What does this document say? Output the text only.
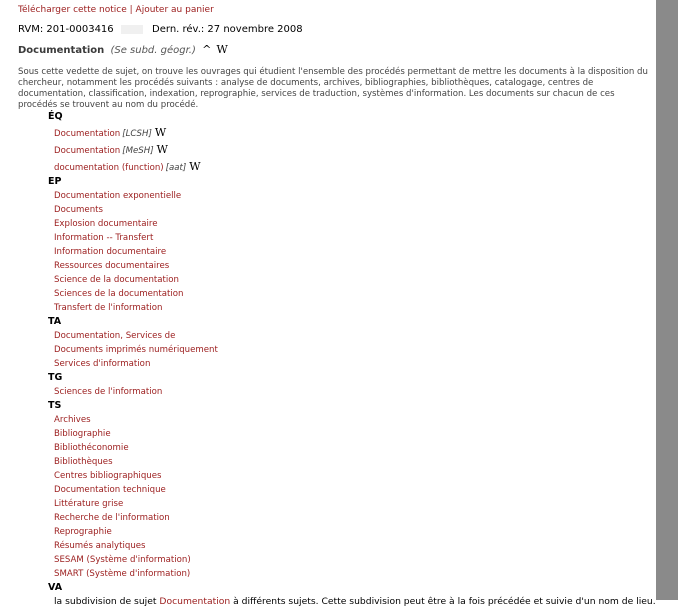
Télécharger cette notice | Ajouter au panier
RVM: 201-0003416	Dern. rév.: 27 novembre 2008
Documentation (Se subd. géogr.) ^ W
Sous cette vedette de sujet, on trouve les ouvrages qui étudient l'ensemble des procédés permettant de mettre les documents à la disposition du chercheur, notamment les procédés suivants : analyse de documents, archives, bibliographies, bibliothèques, catalogage, centres de documentation, classification, indexation, reprographie, services de traduction, systèmes d'information. Les documents sur chacun de ces procédés se trouvent au nom du procédé.
ÉQ
Documentation [LCSH] W
Documentation [MeSH] W
documentation (function) [aat] W
EP
Documentation exponentielle
Documents
Explosion documentaire
Information -- Transfert
Information documentaire
Ressources documentaires
Science de la documentation
Sciences de la documentation
Transfert de l'information
TA
Documentation, Services de
Documents imprimés numériquement
Services d'information
TG
Sciences de l'information
TS
Archives
Bibliographie
Bibliothéconomie
Bibliothèques
Centres bibliographiques
Documentation technique
Littérature grise
Recherche de l'information
Reprographie
Résumés analytiques
SESAM (Système d'information)
SMART (Système d'information)
VA
la subdivision de sujet Documentation à différents sujets. Cette subdivision peut être à la fois précédée et suivie d'un nom de lieu.
